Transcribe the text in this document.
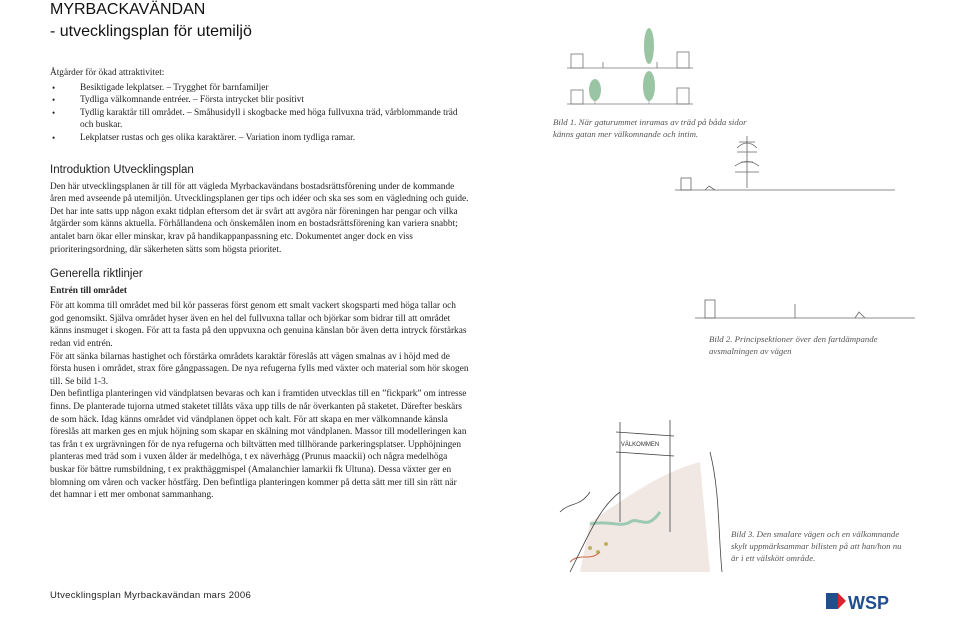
MYRBACKAVÄNDAN
- utvecklingsplan för utemiljö

Åtgärder för ökad attraktivitet:

• Besiktigade lekplatser. – Trygghet för barnfamiljer
• Tydliga välkomnande entréer. – Första intrycket blir positivt
• Tydlig karaktär till området. – Småhusidyll i skogbacke med höga fullvuxna träd, vårblommande träd och buskar.
• Lekplatser rustas och ges olika karaktärer. – Variation inom tydliga ramar.
Introduktion Utvecklingsplan

Den här utvecklingsplanen är till för att vägleda Myrbackavändans bostadsrättsförening under de kommande åren med avseende på utemiljön. Utvecklingsplanen ger tips och idéer och ska ses som en vägledning och guide.

Det har inte satts upp någon exakt tidplan eftersom det är svårt att avgöra när föreningen har pengar och vilka åtgärder som känns aktuella. Förhållandena och önskemålen inom en bostadsrättsförening kan variera snabbt; antalet barn ökar eller minskar, krav på handikappanpassning etc. Dokumentet anger dock en viss prioriteringsordning, där säkerheten sätts som högsta prioritet.

Generella riktlinjer
Entrén till området

För att komma till området med bil kör passeras först genom ett smalt vackert skogsparti med höga tallar och god genomsikt. Själva området hyser även en hel del fullvuxna tallar och björkar som bidrar till att området känns insmuget i skogen. För att ta fasta på den uppvuxna och genuina känslan bör även detta intryck förstärkas redan vid entrén.

För att sänka bilarnas hastighet och förstärka områdets karaktär föreslås att vägen smalnas av i höjd med de första husen i området, strax före gångpassagen. De nya refugerna fylls med växter och material som hör skogen till. Se bild 1-3.

Den befintliga planteringen vid vändplatsen bevaras och kan i framtiden utvecklas till en ”fickpark” om intresse finns. De planterade tujorna utmed staketet tillåts växa upp tills de når överkanten på staketet. Därefter beskärs de som häck. Idag känns området vid vändplanen öppet och kalt. För att skapa en mer välkomnande känsla föreslås att marken ges en mjuk höjning som skapar en skälning mot vändplanen. Massor till modelleringen kan tas från t ex urgrävningen för de nya refugerna och biltvätten med tillhörande parkeringsplatser. Upphöjningen planteras med träd som i vuxen ålder är medelhöga, t ex näverhägg (Prunus maackii) och några medelhöga buskar för bättre rumsbildning, t ex prakthäggmispel (Amalanchier lamarkii fk Ultuna). Dessa växter ger en blomning om våren och vacker höstfärg. Den befintliga planteringen kommer på detta sätt mer till sin rätt när det hamnar i ett mer ombonat sammanhang.

VÄLKOMMEN
Bild 1. När gaturummet inramas av träd på båda sidor känns gatan mer välkomnande och intim.
Bild 2. Principsektioner över den fartdämpande avsmalningen av vägen
Bild 3. Den smalare vägen och en välkomnande skylt uppmärksammar bilisten på att han/hon nu är i ett välskött område.
Utvecklingsplan Myrbackavändan mars 2006	WSP
